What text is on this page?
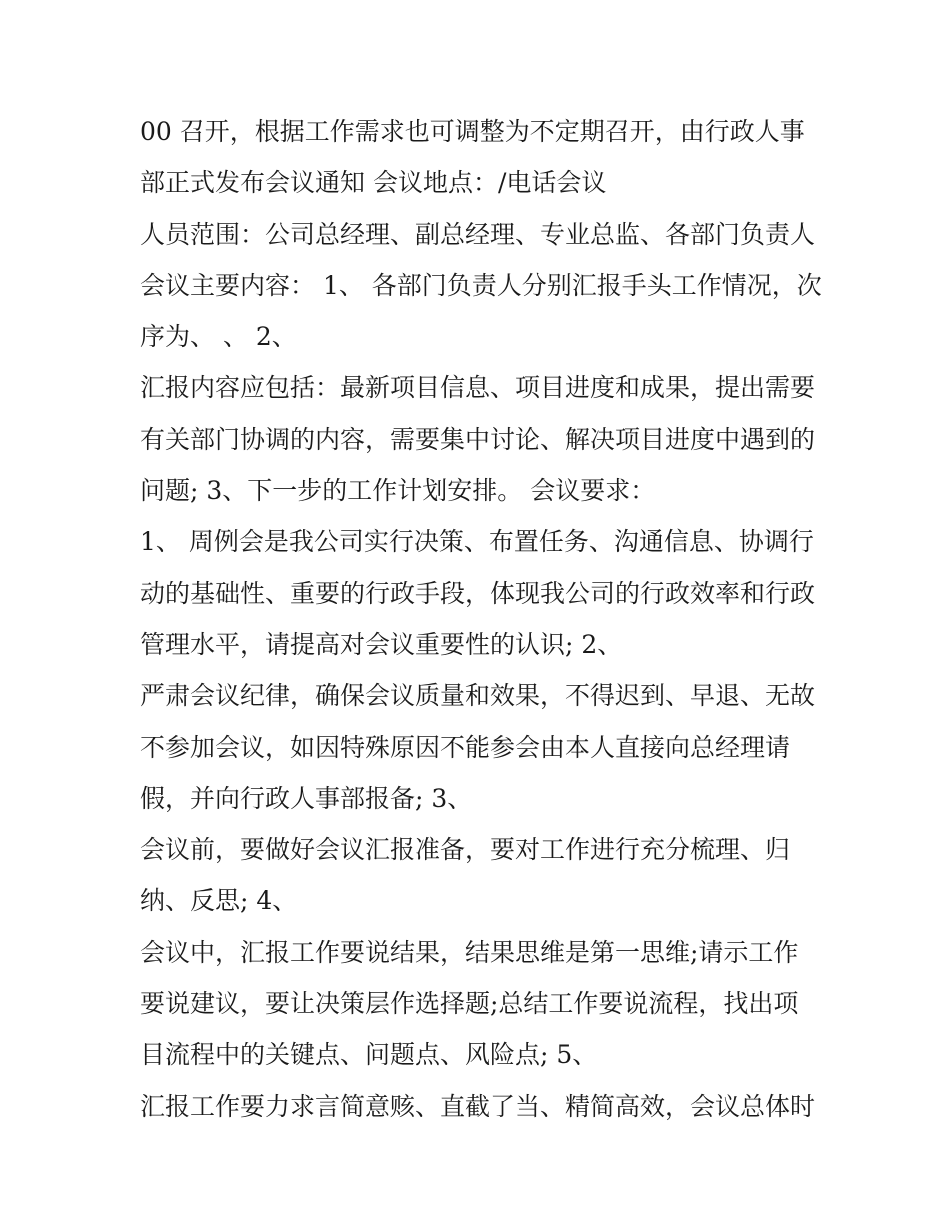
00 召开，根据工作需求也可调整为不定期召开，由行政人事
部正式发布会议通知 会议地点：/电话会议
人员范围：公司总经理、副总经理、专业总监、各部门负责人
会议主要内容： 1、 各部门负责人分别汇报手头工作情况，次
序为、 、 2、
汇报内容应包括：最新项目信息、项目进度和成果，提出需要
有关部门协调的内容，需要集中讨论、解决项目进度中遇到的
问题; 3、下一步的工作计划安排。 会议要求：
1、 周例会是我公司实行决策、布置任务、沟通信息、协调行
动的基础性、重要的行政手段，体现我公司的行政效率和行政
管理水平，请提高对会议重要性的认识; 2、
严肃会议纪律，确保会议质量和效果，不得迟到、早退、无故
不参加会议，如因特殊原因不能参会由本人直接向总经理请
假，并向行政人事部报备; 3、
会议前，要做好会议汇报准备，要对工作进行充分梳理、归
纳、反思; 4、
会议中，汇报工作要说结果，结果思维是第一思维;请示工作
要说建议，要让决策层作选择题;总结工作要说流程，找出项
目流程中的关键点、问题点、风险点; 5、
汇报工作要力求言简意赅、直截了当、精简高效，会议总体时
